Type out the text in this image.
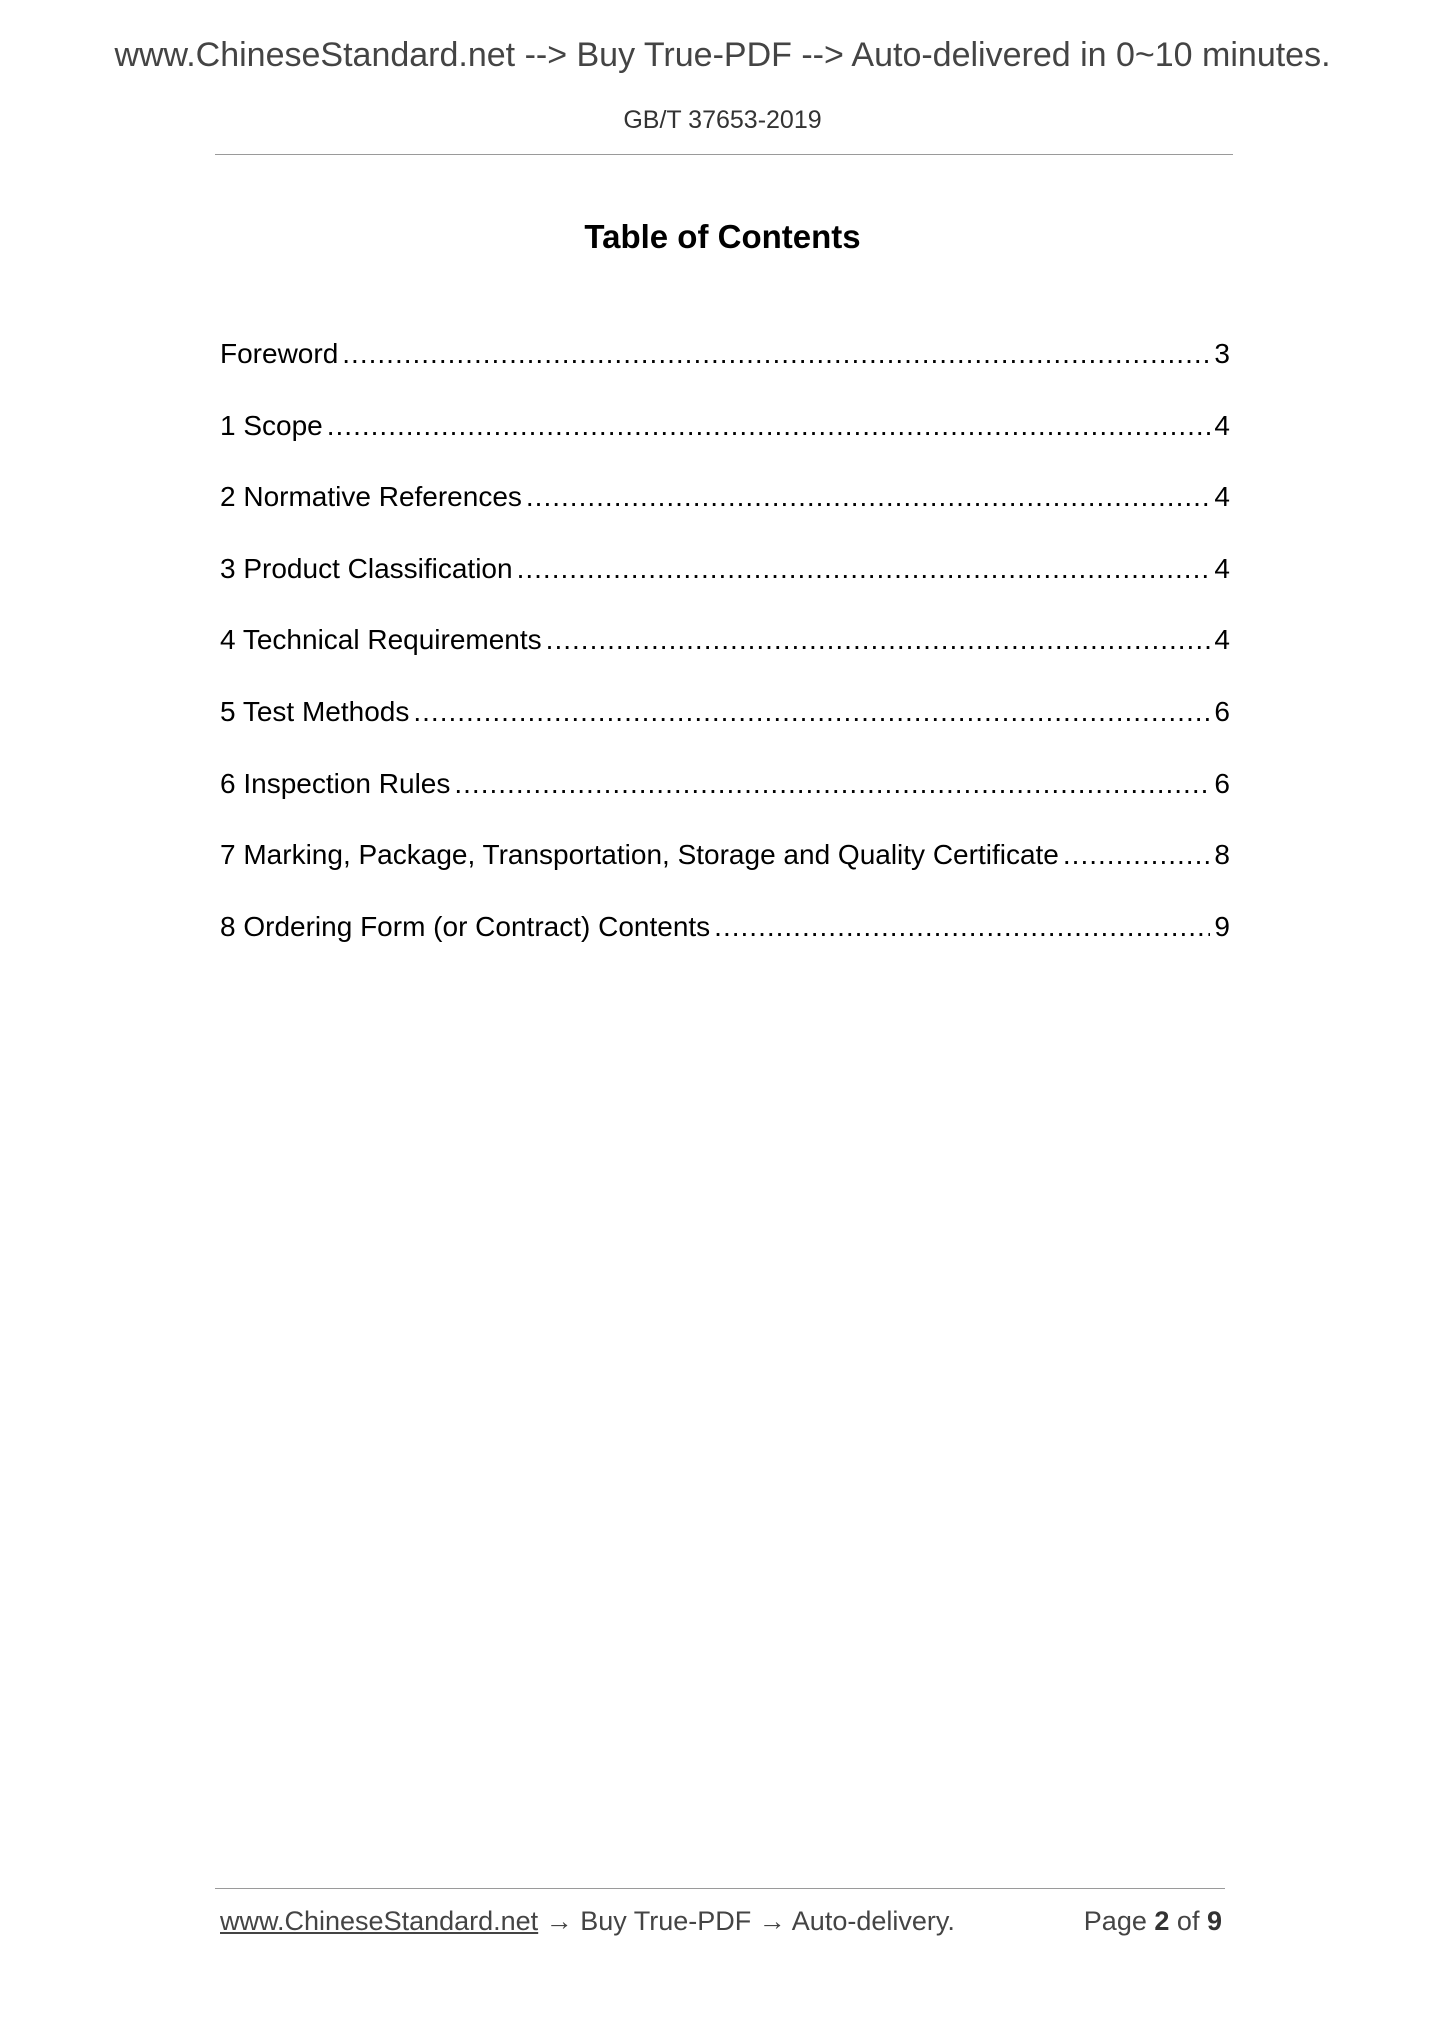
www.ChineseStandard.net --> Buy True-PDF --> Auto-delivered in 0~10 minutes.
GB/T 37653-2019
Table of Contents
Foreword .....	3
1 Scope .....	4
2 Normative References .....	4
3 Product Classification .....	4
4 Technical Requirements .....	4
5 Test Methods .....	6
6 Inspection Rules .....	6
7 Marking, Package, Transportation, Storage and Quality Certificate .....	8
8 Ordering Form (or Contract) Contents .....	9
www.ChineseStandard.net → Buy True-PDF → Auto-delivery.	Page 2 of 9
